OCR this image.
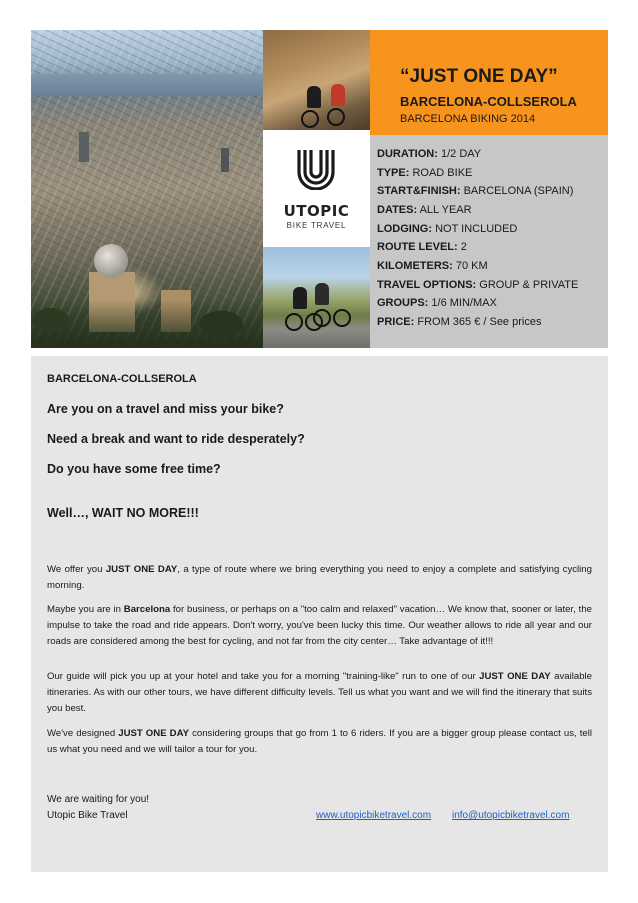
UTOPIC
BIKE TRAVEL
“JUST ONE DAY”
BARCELONA-COLLSEROLA
BARCELONA BIKING 2014
DURATION: 1/2 DAY
TYPE: ROAD BIKE
START&FINISH: BARCELONA (SPAIN)
DATES: ALL YEAR
LODGING: NOT INCLUDED
ROUTE LEVEL: 2
KILOMETERS: 70 KM
TRAVEL OPTIONS: GROUP & PRIVATE
GROUPS: 1/6 MIN/MAX
PRICE: FROM 365 € / See prices
BARCELONA-COLLSEROLA
Are you on a travel and miss your bike?
Need a break and want to ride desperately?
Do you have some free time?
Well…, WAIT NO MORE!!!
We offer you JUST ONE DAY, a type of route where we bring everything you need to enjoy a complete and satisfying cycling morning.
Maybe you are in Barcelona for business, or perhaps on a "too calm and relaxed" vacation… We know that, sooner or later, the impulse to take the road and ride appears. Don't worry, you've been lucky this time. Our weather allows to ride all year and our roads are considered among the best for cycling, and not far from the city center… Take advantage of it!!!
Our guide will pick you up at your hotel and take you for a morning "training-like" run to one of our JUST ONE DAY available itineraries. As with our other tours, we have different difficulty levels. Tell us what you want and we will find the itinerary that suits you best.
We've designed JUST ONE DAY considering groups that go from 1 to 6 riders. If you are a bigger group please contact us, tell us what you need and we will tailor a tour for you.
We are waiting for you!
Utopic Bike Travel	www.utopicbiketravel.com info@utopicbiketravel.com
